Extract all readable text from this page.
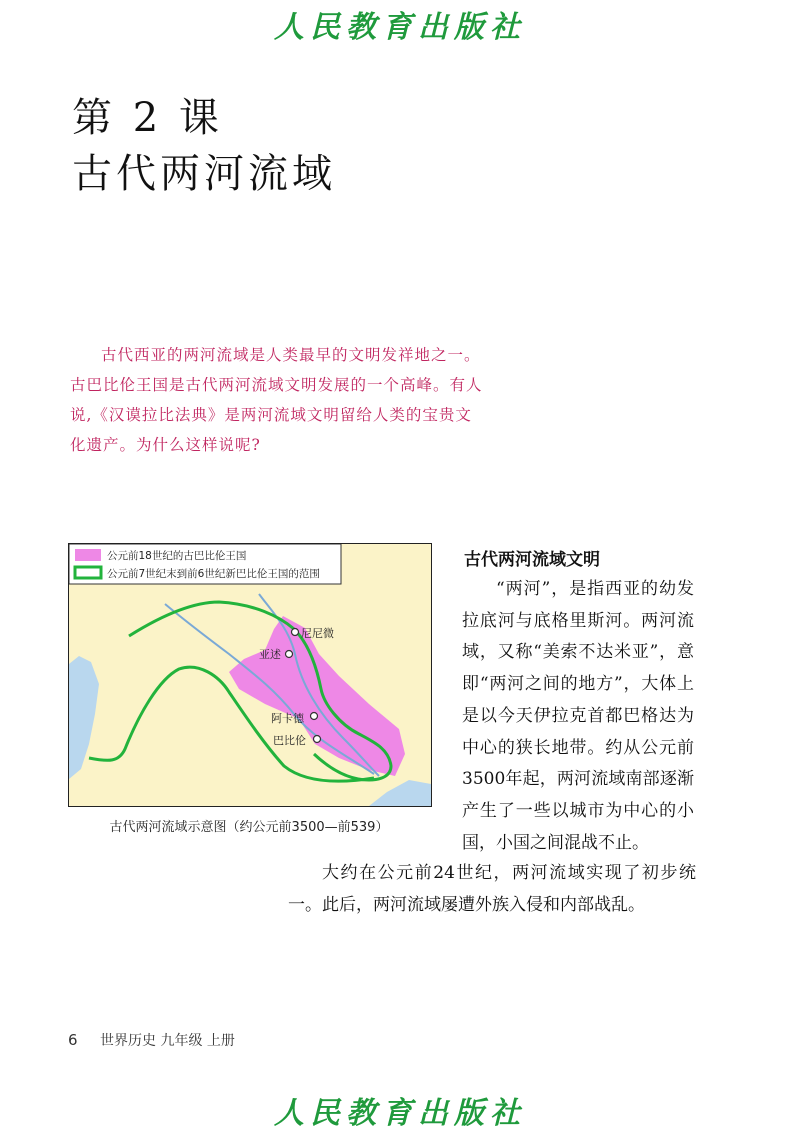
人民教育出版社
第 2 课
古代两河流域

古代西亚的两河流域是人类最早的文明发祥地之一。古巴比伦王国是古代两河流域文明发展的一个高峰。有人说,《汉谟拉比法典》是两河流域文明留给人类的宝贵文化遗产。为什么这样说呢?

尼尼微
亚述
阿卡德
巴比伦
公元前18世纪的古巴比伦王国
公元前7世纪末到前6世纪新巴比伦王国的范围
古代两河流域示意图（约公元前3500—前539）
古代两河流域文明

“两河”，是指西亚的幼发拉底河与底格里斯河。两河流域，又称“美索不达米亚”，意即“两河之间的地方”，大体上是以今天伊拉克首都巴格达为中心的狭长地带。约从公元前3500年起，两河流域南部逐渐产生了一些以城市为中心的小国，小国之间混战不止。

大约在公元前24世纪，两河流域实现了初步统一。此后，两河流域屡遭外族入侵和内部战乱。

6 世界历史 九年级 上册
人民教育出版社
